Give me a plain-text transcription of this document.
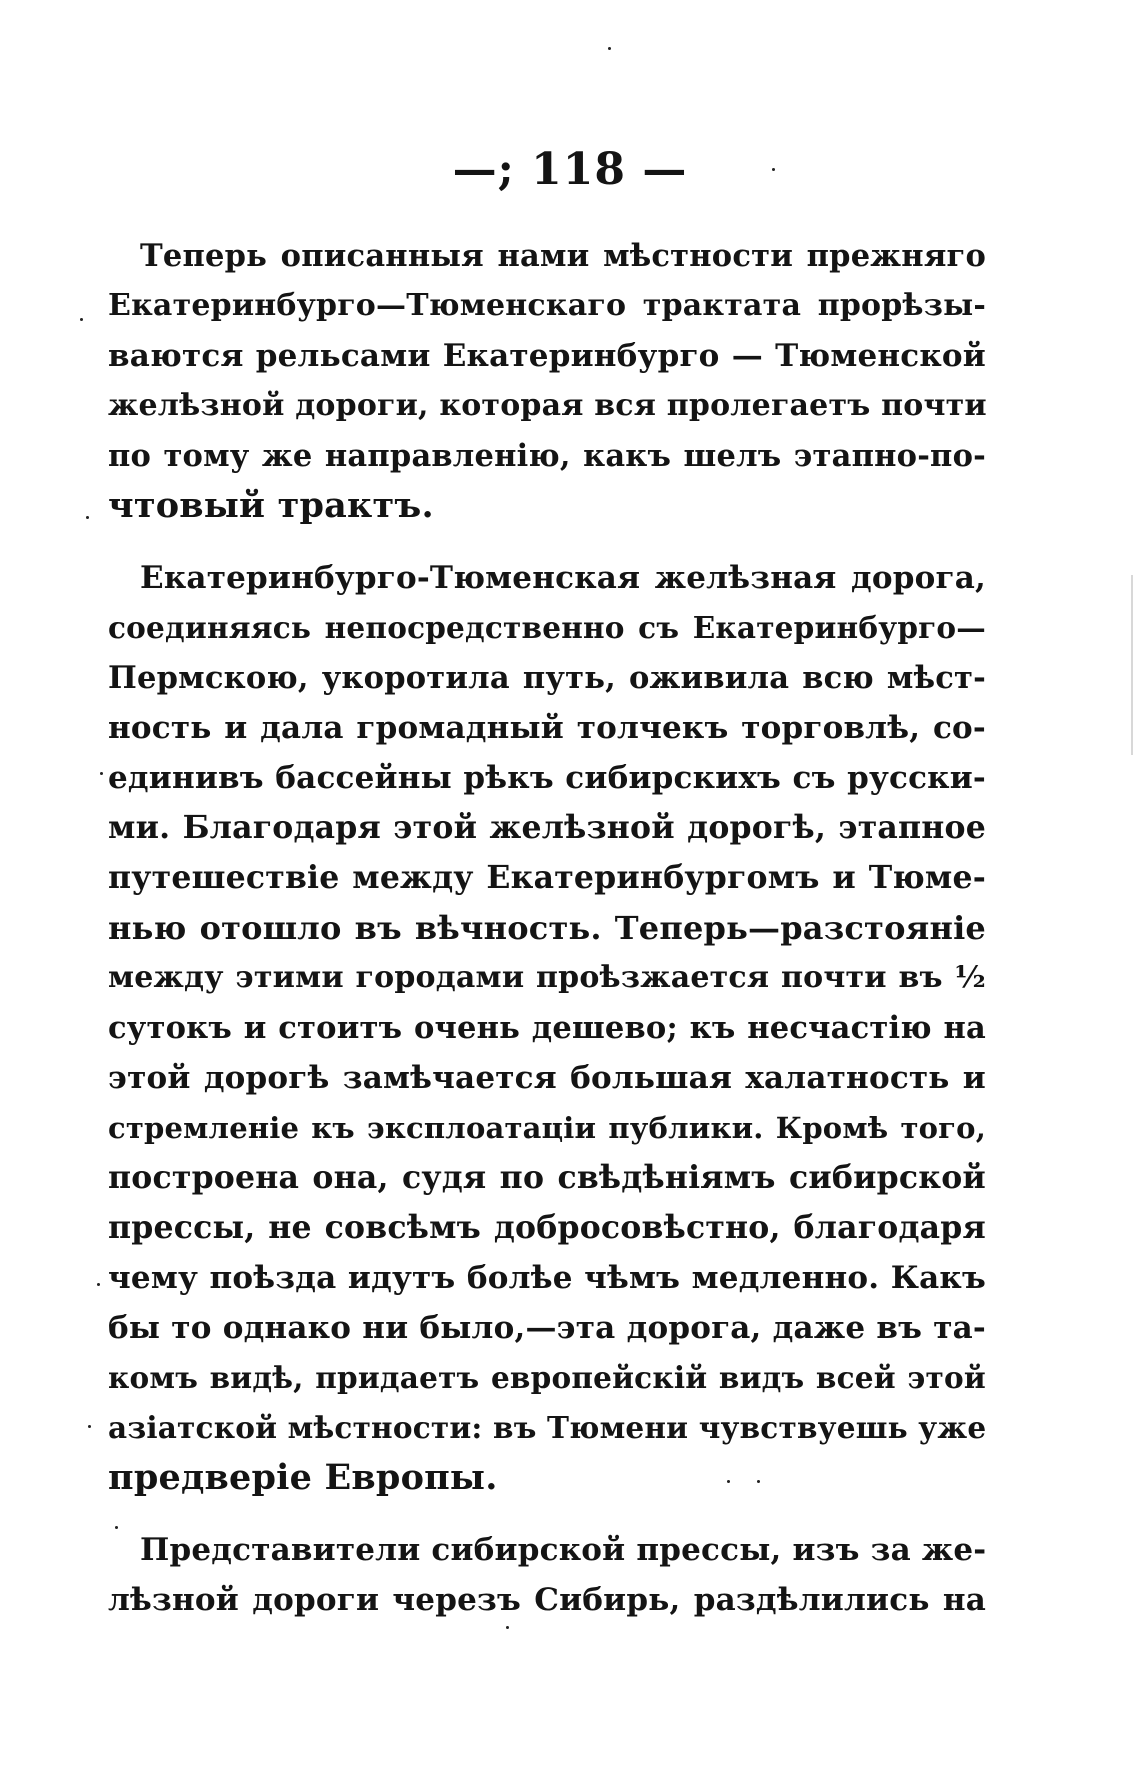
—; 118 —
Теперь описанныя нами мѣстности прежняго
Екатеринбурго—Тюменскаго трактата прорѣзы-
ваются рельсами Екатеринбурго — Тюменской
желѣзной дороги, которая вся пролегаетъ почти
по тому же направленію, какъ шелъ этапно-по-
чтовый трактъ.
Екатеринбурго-Тюменская желѣзная дорога,
соединяясь непосредственно съ Екатеринбурго—
Пермскою, укоротила путь, оживила всю мѣст-
ность и дала громадный толчекъ торговлѣ, со-
единивъ бассейны рѣкъ сибирскихъ съ русски-
ми. Благодаря этой желѣзной дорогѣ, этапное
путешествіе между Екатеринбургомъ и Тюме-
нью отошло въ вѣчность. Теперь—разстояніе
между этими городами проѣзжается почти въ ½
сутокъ и стоитъ очень дешево; къ несчастію на
этой дорогѣ замѣчается большая халатность и
стремленіе къ эксплоатаціи публики. Кромѣ того,
построена она, судя по свѣдѣніямъ сибирской
прессы, не совсѣмъ добросовѣстно, благодаря
чему поѣзда идутъ болѣе чѣмъ медленно. Какъ
бы то однако ни было,—эта дорога, даже въ та-
комъ видѣ, придаетъ европейскій видъ всей этой
азіатской мѣстности: въ Тюмени чувствуешь уже
предверіе Европы.
Представители сибирской прессы, изъ за же-
лѣзной дороги черезъ Сибирь, раздѣлились на
